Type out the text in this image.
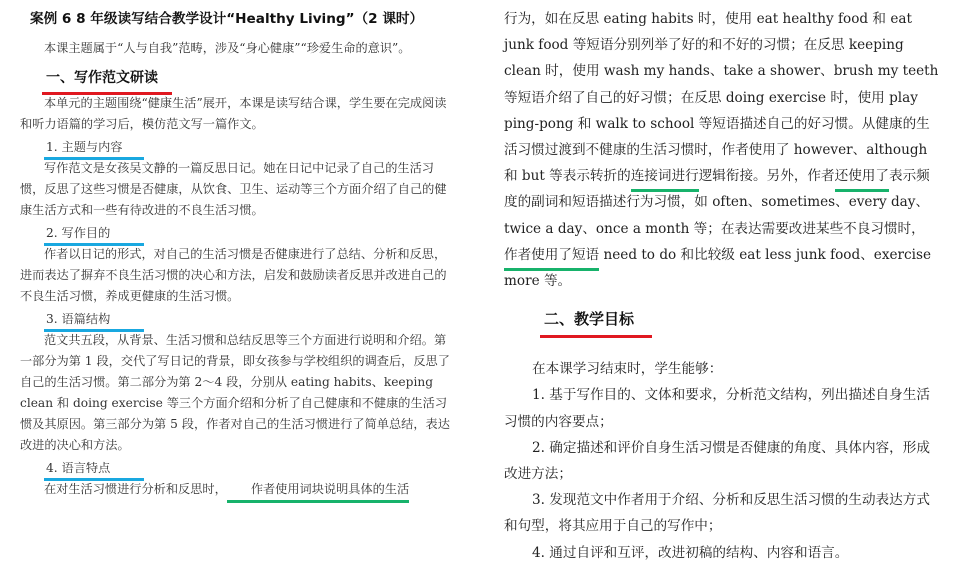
案例 6 8 年级读写结合教学设计“Healthy Living”（2 课时）

本课主题属于“人与自我”范畴，涉及“身心健康”“珍爱生命的意识”。

一、写作范文研读

本单元的主题围绕“健康生活”展开，本课是读写结合课，学生要在完成阅读和听力语篇的学习后，模仿范文写一篇作文。

1. 主题与内容

写作范文是女孩吴文静的一篇反思日记。她在日记中记录了自己的生活习惯，反思了这些习惯是否健康，从饮食、卫生、运动等三个方面介绍了自己的健康生活方式和一些有待改进的不良生活习惯。

2. 写作目的

作者以日记的形式，对自己的生活习惯是否健康进行了总结、分析和反思，进而表达了摒弃不良生活习惯的决心和方法，启发和鼓励读者反思并改进自己的不良生活习惯，养成更健康的生活习惯。

3. 语篇结构

范文共五段，从背景、生活习惯和总结反思等三个方面进行说明和介绍。第一部分为第 1 段，交代了写日记的背景，即女孩参与学校组织的调查后，反思了自己的生活习惯。第二部分为第 2～4 段，分别从 eating habits、keeping clean 和 doing exercise 等三个方面介绍和分析了自己健康和不健康的生活习惯及其原因。第三部分为第 5 段，作者对自己的生活习惯进行了简单总结，表达改进的决心和方法。

4. 语言特点

在对生活习惯进行分析和反思时， 作者使用词块说明具体的生活

行为，如在反思 eating habits 时，使用 eat healthy food 和 eat junk food 等短语分别列举了好的和不好的习惯；在反思 keeping clean 时，使用 wash my hands、take a shower、brush my teeth 等短语介绍了自己的好习惯；在反思 doing exercise 时，使用 play ping-pong 和 walk to school 等短语描述自己的好习惯。从健康的生活习惯过渡到不健康的生活习惯时，作者使用了 however、although 和 but 等表示转折的连接词进行逻辑衔接。另外，作者还使用了表示频度的副词和短语描述行为习惯，如 often、sometimes、every day、twice a day、once a month 等；在表达需要改进某些不良习惯时，作者使用了短语 need to do 和比较级 eat less junk food、exercise more 等。

二、教学目标

在本课学习结束时，学生能够：

1. 基于写作目的、文体和要求，分析范文结构，列出描述自身生活习惯的内容要点；

2. 确定描述和评价自身生活习惯是否健康的角度、具体内容，形成改进方法；

3. 发现范文中作者用于介绍、分析和反思生活习惯的生动表达方式和句型，将其应用于自己的写作中；

4. 通过自评和互评，改进初稿的结构、内容和语言。
